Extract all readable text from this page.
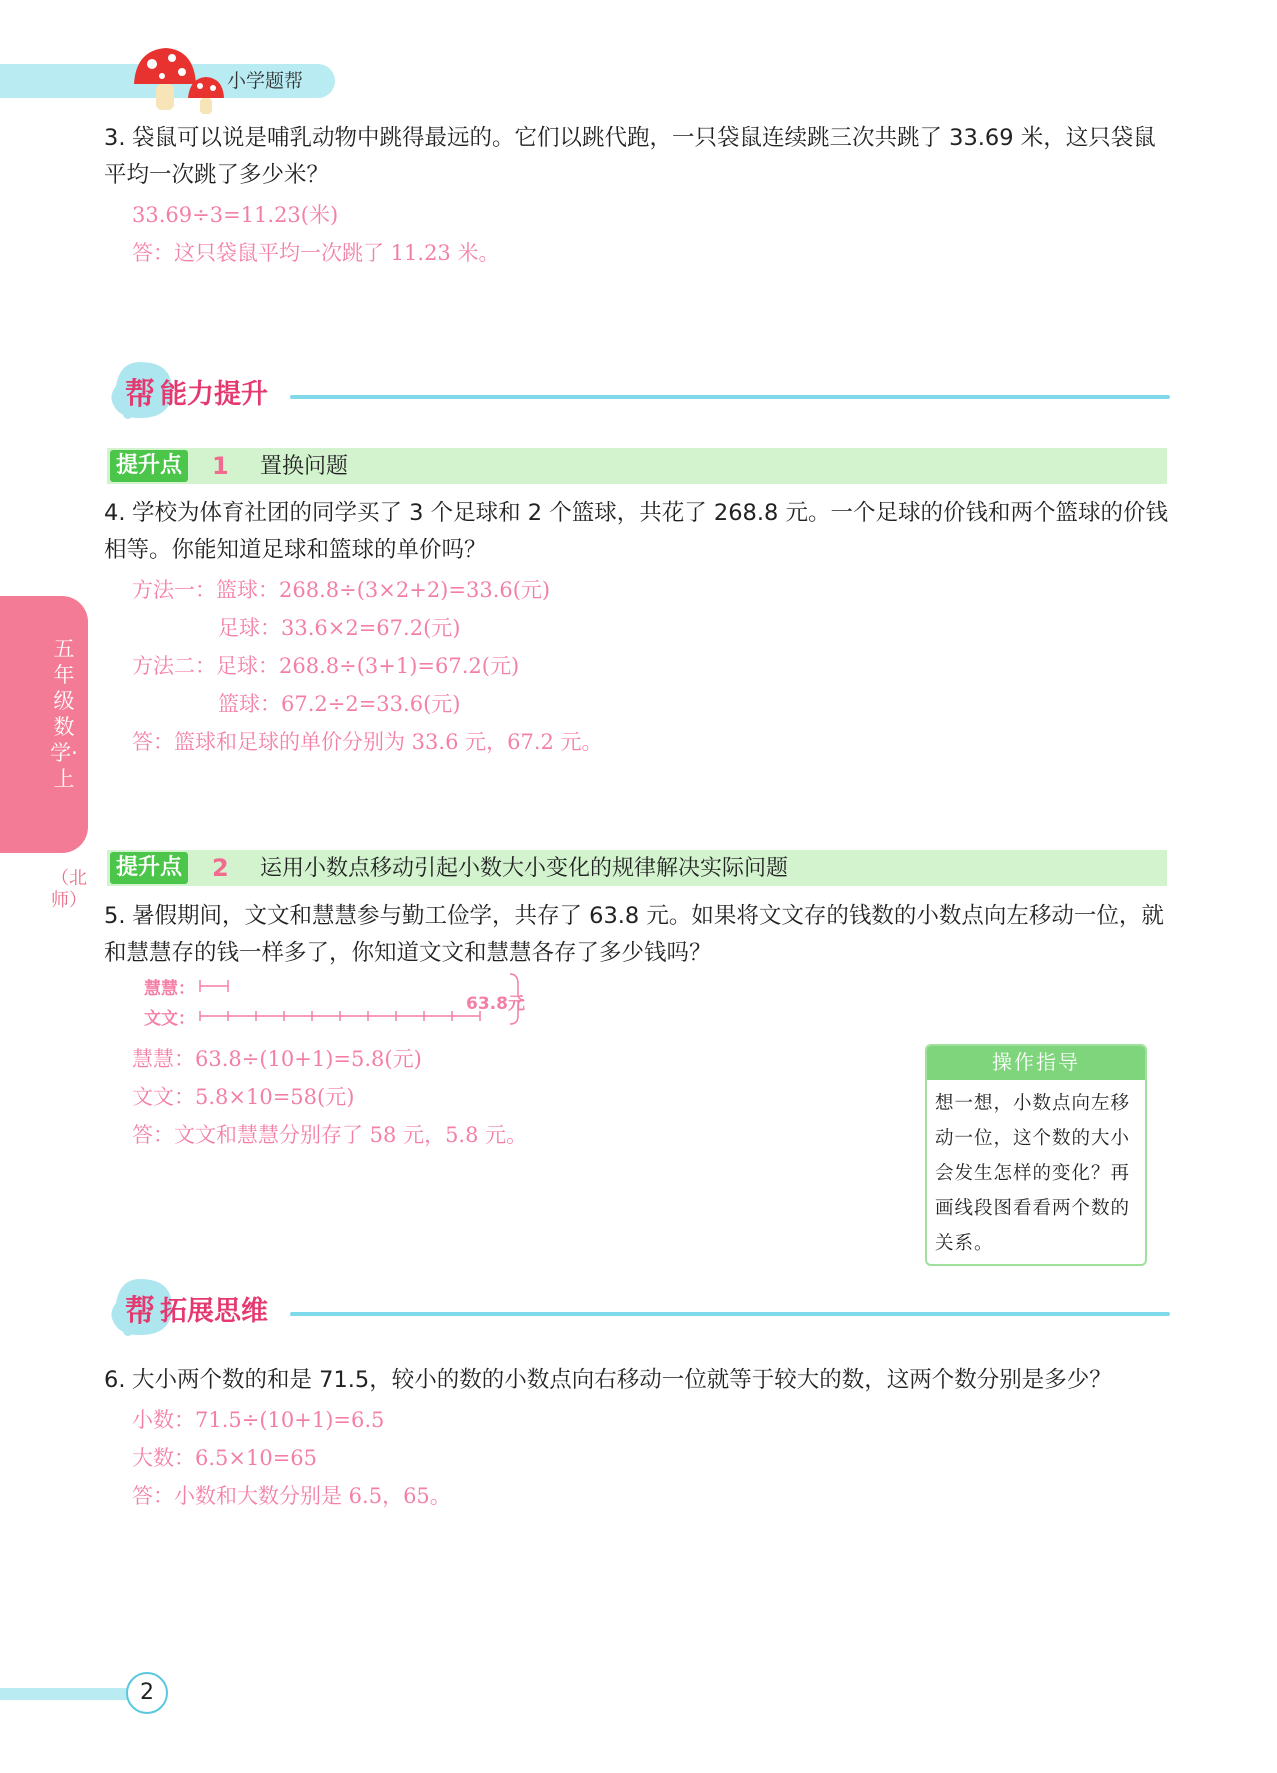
小学题帮
五年级数学·上
（北师）
3. 袋鼠可以说是哺乳动物中跳得最远的。它们以跳代跑，一只袋鼠连续跳三次共跳了 33.69 米，这只袋鼠平均一次跳了多少米？
33.69÷3=11.23(米)
答：这只袋鼠平均一次跳了 11.23 米。
帮 能力提升
提升点 1 置换问题
4. 学校为体育社团的同学买了 3 个足球和 2 个篮球，共花了 268.8 元。一个足球的价钱和两个篮球的价钱相等。你能知道足球和篮球的单价吗？
方法一：篮球：268.8÷(3×2+2)=33.6(元)
足球：33.6×2=67.2(元)
方法二：足球：268.8÷(3+1)=67.2(元)
篮球：67.2÷2=33.6(元)
答：篮球和足球的单价分别为 33.6 元，67.2 元。
提升点 2 运用小数点移动引起小数大小变化的规律解决实际问题
5. 暑假期间，文文和慧慧参与勤工俭学，共存了 63.8 元。如果将文文存的钱数的小数点向左移动一位，就和慧慧存的钱一样多了，你知道文文和慧慧各存了多少钱吗？
慧慧：
文文：
63.8元
慧慧：63.8÷(10+1)=5.8(元)
文文：5.8×10=58(元)
答：文文和慧慧分别存了 58 元，5.8 元。
操作指导
想一想，小数点向左移动一位，这个数的大小会发生怎样的变化？再画线段图看看两个数的关系。
帮 拓展思维
6. 大小两个数的和是 71.5，较小的数的小数点向右移动一位就等于较大的数，这两个数分别是多少？
小数：71.5÷(10+1)=6.5
大数：6.5×10=65
答：小数和大数分别是 6.5，65。
2
